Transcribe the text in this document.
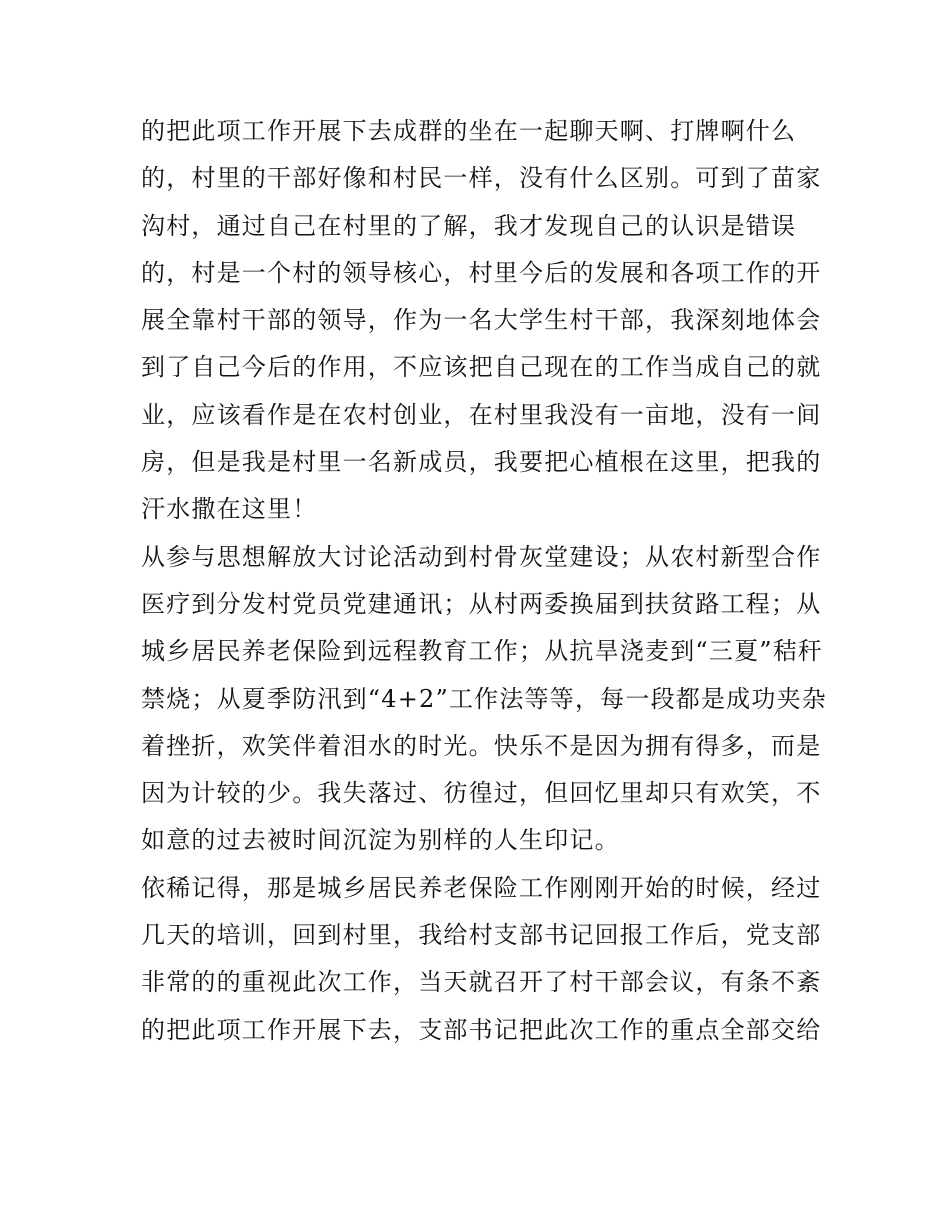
的把此项工作开展下去成群的坐在一起聊天啊、打牌啊什么
的，村里的干部好像和村民一样，没有什么区别。可到了苗家
沟村，通过自己在村里的了解，我才发现自己的认识是错误
的，村是一个村的领导核心，村里今后的发展和各项工作的开
展全靠村干部的领导，作为一名大学生村干部，我深刻地体会
到了自己今后的作用，不应该把自己现在的工作当成自己的就
业，应该看作是在农村创业，在村里我没有一亩地，没有一间
房，但是我是村里一名新成员，我要把心植根在这里，把我的
汗水撒在这里！
从参与思想解放大讨论活动到村骨灰堂建设；从农村新型合作
医疗到分发村党员党建通讯；从村两委换届到扶贫路工程；从
城乡居民养老保险到远程教育工作；从抗旱浇麦到“三夏”秸秆
禁烧；从夏季防汛到“4+2”工作法等等，每一段都是成功夹杂
着挫折，欢笑伴着泪水的时光。快乐不是因为拥有得多，而是
因为计较的少。我失落过、彷徨过，但回忆里却只有欢笑，不
如意的过去被时间沉淀为别样的人生印记。
依稀记得，那是城乡居民养老保险工作刚刚开始的时候，经过
几天的培训，回到村里，我给村支部书记回报工作后，党支部
非常的的重视此次工作，当天就召开了村干部会议，有条不紊
的把此项工作开展下去，支部书记把此次工作的重点全部交给
